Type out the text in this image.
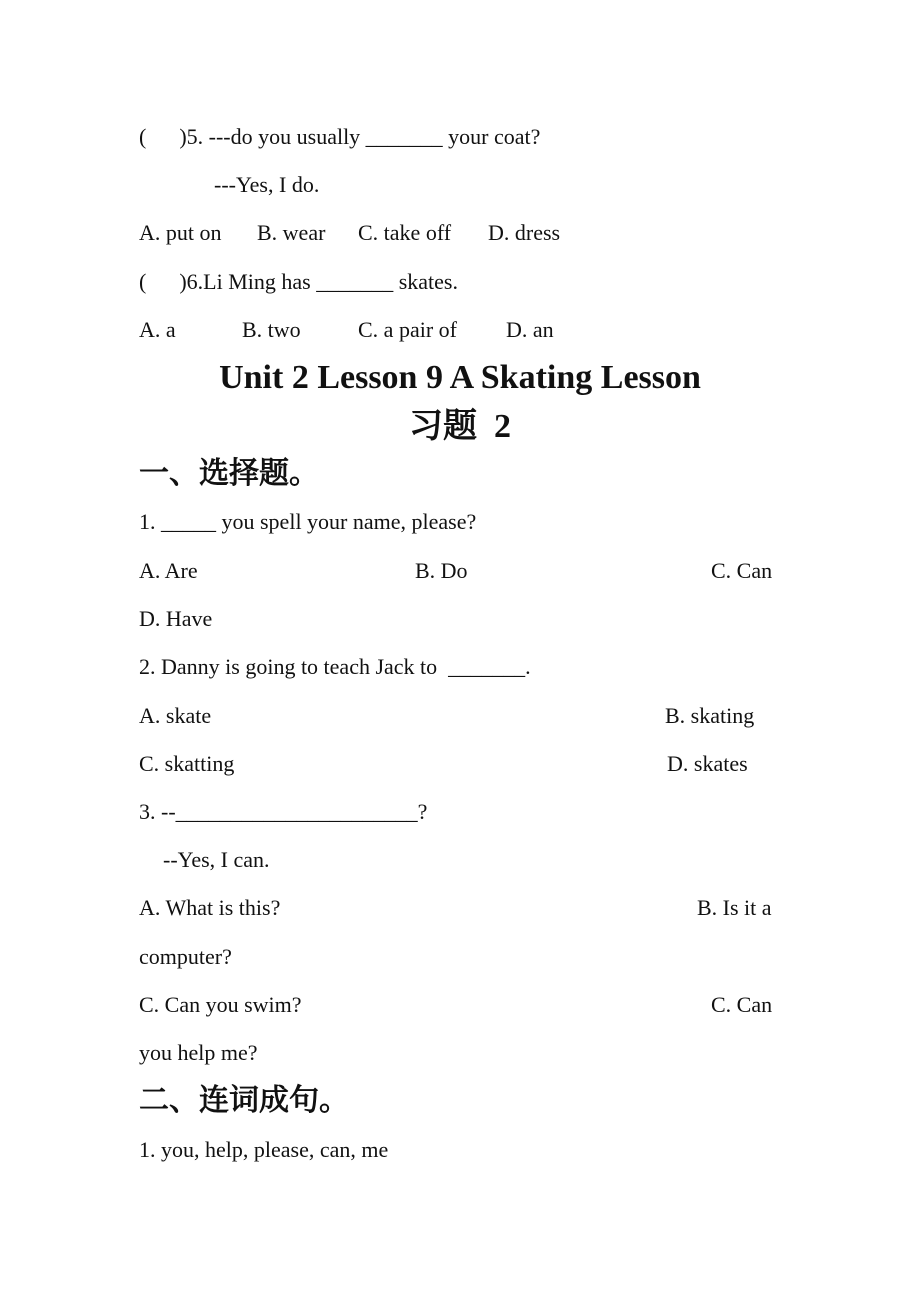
(      )5. ---do you usually _______ your coat?
---Yes, I do.
A. put on B. wear C. take off D. dress
(      )6.Li Ming has _______ skates.
A. a	B. two	C. a pair of D. an
Unit 2 Lesson 9 A Skating Lesson
习题  2
一、选择题。
1. _____ you spell your name, please?
A. Are	B. Do	C. Can
D. Have
2. Danny is going to teach Jack to  _______.
A. skate	B. skating
C. skatting	D. skates
3. --______________________?
--Yes, I can.
A. What is this?	B. Is it a
computer?
C. Can you swim?	C. Can
you help me?
二、连词成句。
1. you, help, please, can, me
